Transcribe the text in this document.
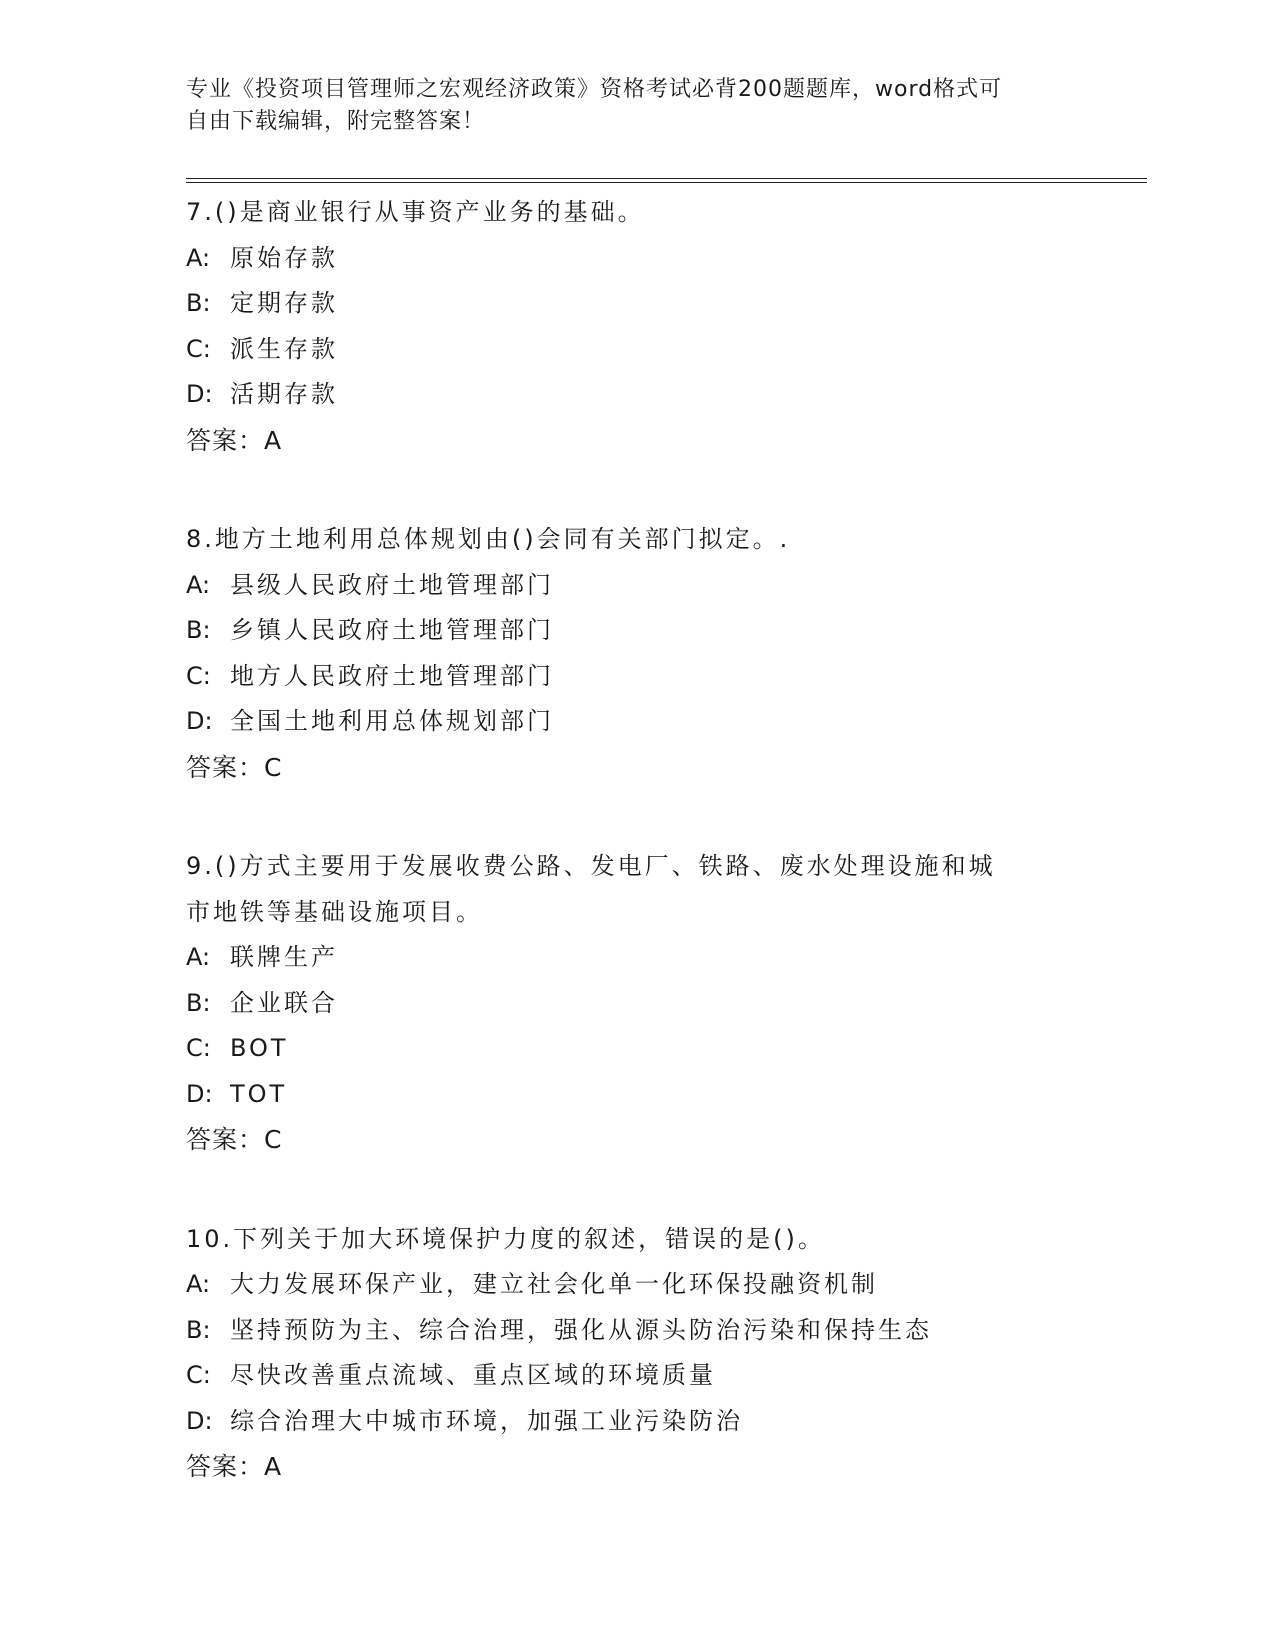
专业《投资项目管理师之宏观经济政策》资格考试必背200题题库，word格式可
自由下载编辑，附完整答案！
7.()是商业银行从事资产业务的基础。
A: 原始存款
B: 定期存款
C: 派生存款
D: 活期存款
答案：A
8.地方土地利用总体规划由()会同有关部门拟定。.
A: 县级人民政府土地管理部门
B: 乡镇人民政府土地管理部门
C: 地方人民政府土地管理部门
D: 全国土地利用总体规划部门
答案：C
9.()方式主要用于发展收费公路、发电厂、铁路、废水处理设施和城
市地铁等基础设施项目。
A: 联牌生产
B: 企业联合
C: BOT
D: TOT
答案：C
10.下列关于加大环境保护力度的叙述，错误的是()。
A: 大力发展环保产业，建立社会化单一化环保投融资机制
B: 坚持预防为主、综合治理，强化从源头防治污染和保持生态
C: 尽快改善重点流域、重点区域的环境质量
D: 综合治理大中城市环境，加强工业污染防治
答案：A
